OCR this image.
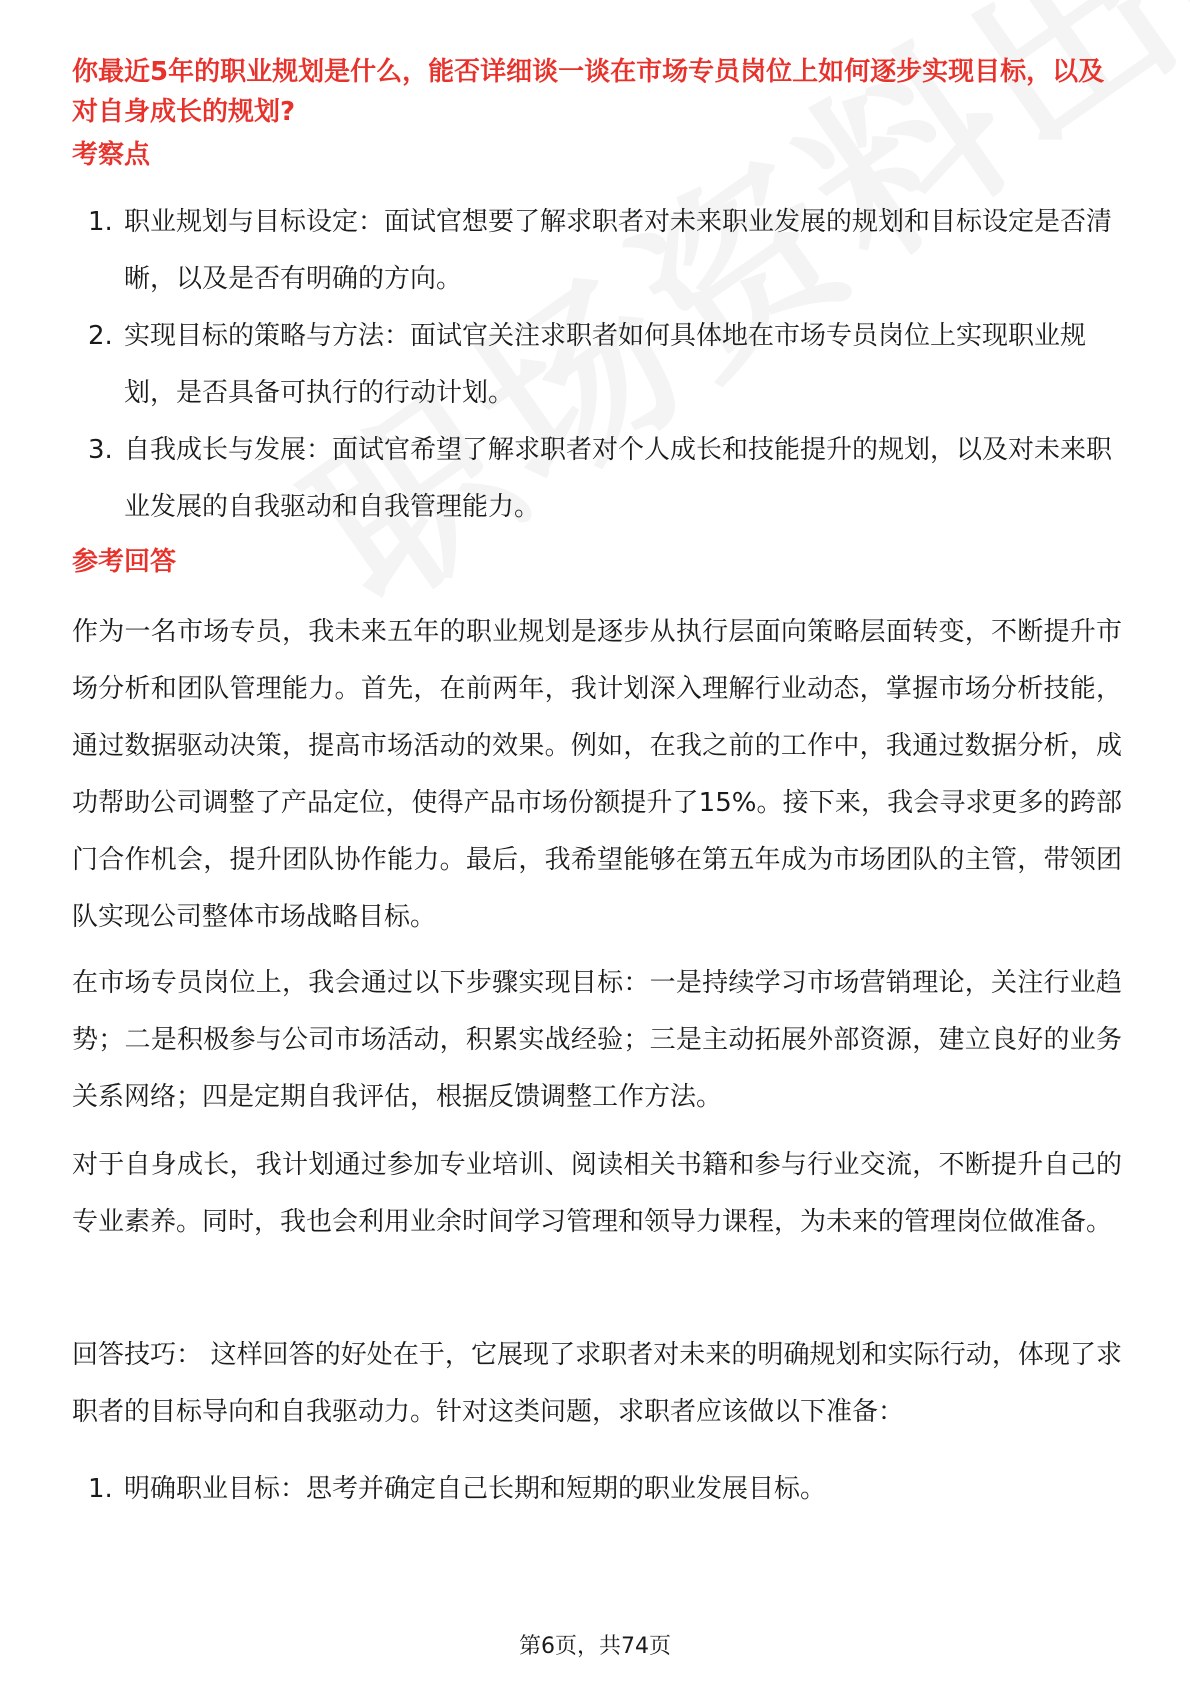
你最近5年的职业规划是什么，能否详细谈一谈在市场专员岗位上如何逐步实现目标，以及对自身成长的规划?
考察点
1. 职业规划与目标设定：面试官想要了解求职者对未来职业发展的规划和目标设定是否清晰，以及是否有明确的方向。
2. 实现目标的策略与方法：面试官关注求职者如何具体地在市场专员岗位上实现职业规划，是否具备可执行的行动计划。
3. 自我成长与发展：面试官希望了解求职者对个人成长和技能提升的规划，以及对未来职业发展的自我驱动和自我管理能力。
参考回答

作为一名市场专员，我未来五年的职业规划是逐步从执行层面向策略层面转变，不断提升市场分析和团队管理能力。首先，在前两年，我计划深入理解行业动态，掌握市场分析技能，通过数据驱动决策，提高市场活动的效果。例如，在我之前的工作中，我通过数据分析，成功帮助公司调整了产品定位，使得产品市场份额提升了15%。接下来，我会寻求更多的跨部门合作机会，提升团队协作能力。最后，我希望能够在第五年成为市场团队的主管，带领团队实现公司整体市场战略目标。

在市场专员岗位上，我会通过以下步骤实现目标：一是持续学习市场营销理论，关注行业趋势；二是积极参与公司市场活动，积累实战经验；三是主动拓展外部资源，建立良好的业务关系网络；四是定期自我评估，根据反馈调整工作方法。

对于自身成长，我计划通过参加专业培训、阅读相关书籍和参与行业交流，不断提升自己的专业素养。同时，我也会利用业余时间学习管理和领导力课程，为未来的管理岗位做准备。

回答技巧： 这样回答的好处在于，它展现了求职者对未来的明确规划和实际行动，体现了求职者的目标导向和自我驱动力。针对这类问题，求职者应该做以下准备：

1. 明确职业目标：思考并确定自己长期和短期的职业发展目标。
第6页，共74页
